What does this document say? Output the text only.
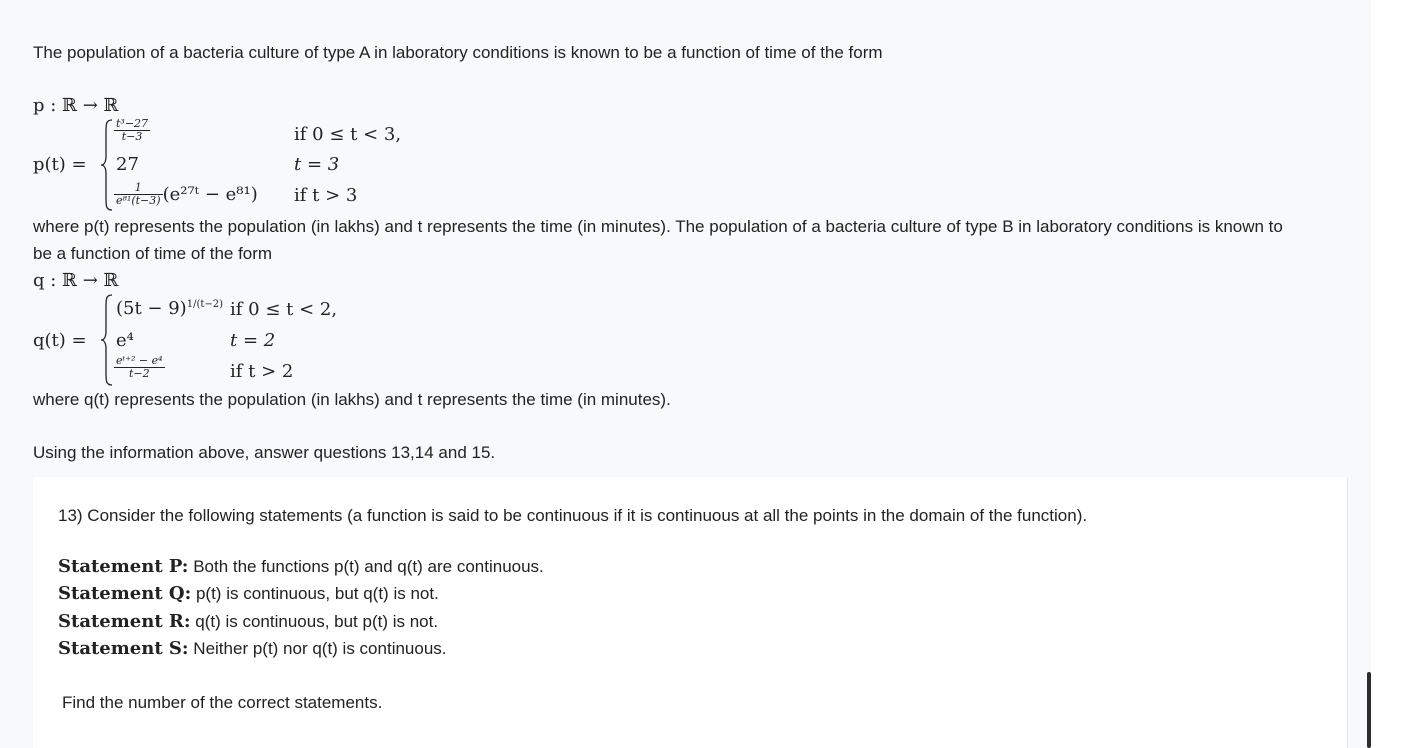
The population of a bacteria culture of type A in laboratory conditions is known to be a function of time of the form
p : ℝ → ℝ
p(t) =
$\frac{\text{t³−27}}{t-3}$	if 0 ≤ t < 3,
27	t = 3
$\frac{1}{\text{e⁸¹(t−3)}}$ (e²⁷ᵗ − e⁸¹) if t > 3
where p(t) represents the population (in lakhs) and t represents the time (in minutes). The population of a bacteria culture of type B in laboratory conditions is known to
be a function of time of the form
q : ℝ → ℝ
q(t) =
$(5t - 9)^{1/(t-2)}$ if 0 ≤ t < 2,
e⁴	t = 2
$\frac{\text{eᵗ⁺² − e⁴}}{t-2}$	if t > 2
where q(t) represents the population (in lakhs) and t represents the time (in minutes).
Using the information above, answer questions 13,14 and 15.
13) Consider the following statements (a function is said to be continuous if it is continuous at all the points in the domain of the function).
Statement P: Both the functions p(t) and q(t) are continuous.
Statement Q: p(t) is continuous, but q(t) is not.
Statement R: q(t) is continuous, but p(t) is not.
Statement S: Neither p(t) nor q(t) is continuous.
Find the number of the correct statements.
